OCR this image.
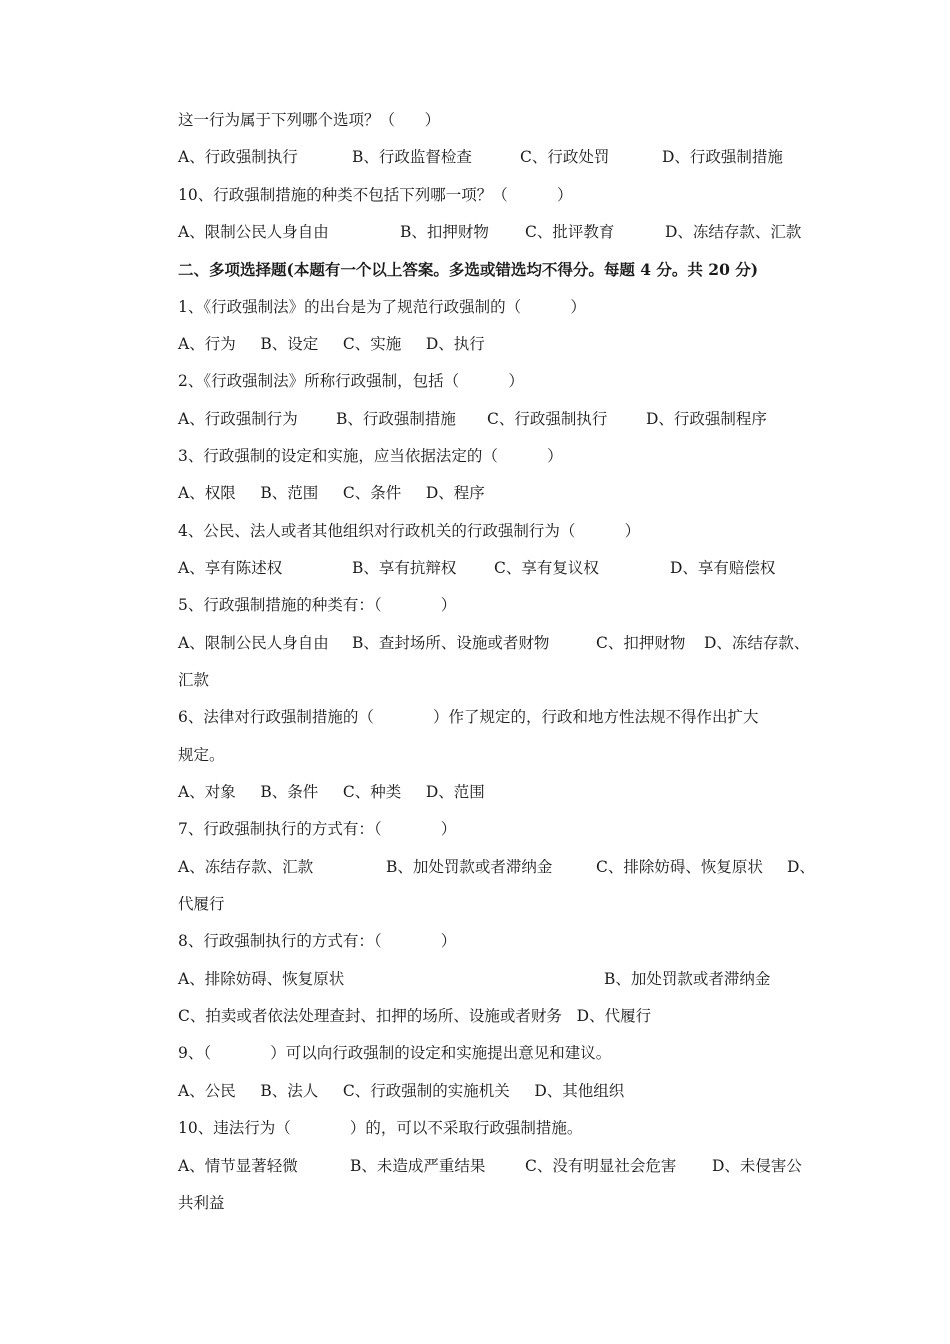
这一行为属于下列哪个选项？（      ）
A、行政强制执行	B、行政监督检查	C、行政处罚	D、行政强制措施
10、行政强制措施的种类不包括下列哪一项？（          ）
A、限制公民人身自由	B、扣押财物 C、批评教育	D、冻结存款、汇款
二、多项选择题(本题有一个以上答案。多选或错选均不得分。每题 4 分。共 20 分)
1、《行政强制法》的出台是为了规范行政强制的（          ）
A、行为     B、设定     C、实施     D、执行
2、《行政强制法》所称行政强制，包括（          ）
A、行政强制行为 B、行政强制措施 C、行政强制执行 D、行政强制程序
3、行政强制的设定和实施，应当依据法定的（          ）
A、权限     B、范围     C、条件     D、程序
4、公民、法人或者其他组织对行政机关的行政强制行为（          ）
A、享有陈述权	B、享有抗辩权 C、享有复议权	D、享有赔偿权
5、行政强制措施的种类有：（            ）
A、限制公民人身自由 B、查封场所、设施或者财物	C、扣押财物 D、冻结存款、
汇款
6、法律对行政强制措施的（            ）作了规定的，行政和地方性法规不得作出扩大
规定。
A、对象     B、条件     C、种类     D、范围
7、行政强制执行的方式有：（            ）
A、冻结存款、汇款	B、加处罚款或者滞纳金	C、排除妨碍、恢复原状 D、
代履行
8、行政强制执行的方式有：（            ）
A、排除妨碍、恢复原状	B、加处罚款或者滞纳金
C、拍卖或者依法处理查封、扣押的场所、设施或者财务   D、代履行
9、（            ）可以向行政强制的设定和实施提出意见和建议。
A、公民     B、法人     C、行政强制的实施机关     D、其他组织
10、违法行为（            ）的，可以不采取行政强制措施。
A、情节显著轻微	B、未造成严重结果	C、没有明显社会危害 D、未侵害公
共利益
